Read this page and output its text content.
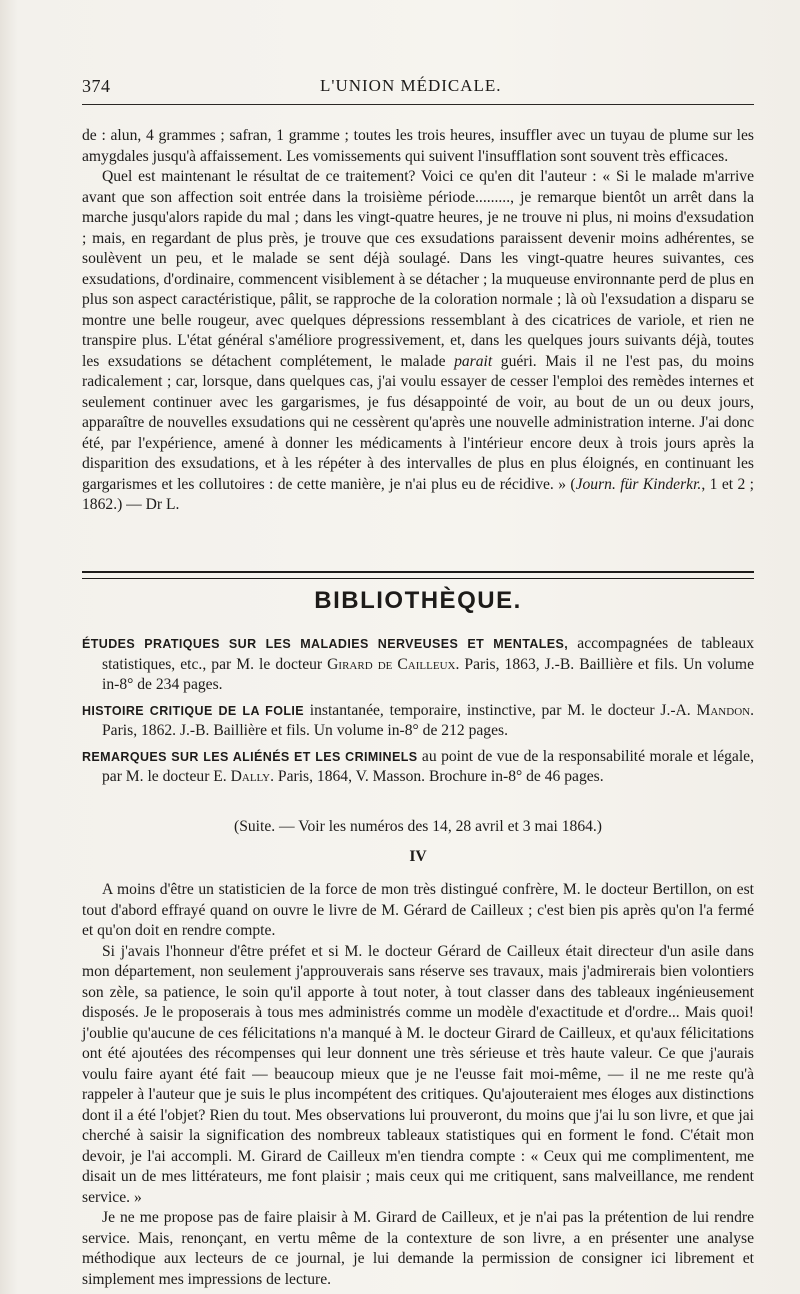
374	L'UNION MÉDICALE.

de : alun, 4 grammes ; safran, 1 gramme ; toutes les trois heures, insuffler avec un tuyau de plume sur les amygdales jusqu'à affaissement. Les vomissements qui suivent l'insufflation sont souvent très efficaces.

Quel est maintenant le résultat de ce traitement? Voici ce qu'en dit l'auteur : « Si le malade m'arrive avant que son affection soit entrée dans la troisième période........., je remarque bientôt un arrêt dans la marche jusqu'alors rapide du mal ; dans les vingt-quatre heures, je ne trouve ni plus, ni moins d'exsudation ; mais, en regardant de plus près, je trouve que ces exsudations paraissent devenir moins adhérentes, se soulèvent un peu, et le malade se sent déjà soulagé. Dans les vingt-quatre heures suivantes, ces exsudations, d'ordinaire, commencent visiblement à se détacher ; la muqueuse environnante perd de plus en plus son aspect caractéristique, pâlit, se rapproche de la coloration normale ; là où l'exsudation a disparu se montre une belle rougeur, avec quelques dépressions ressemblant à des cicatrices de variole, et rien ne transpire plus. L'état général s'améliore progressivement, et, dans les quelques jours suivants déjà, toutes les exsudations se détachent complétement, le malade parait guéri. Mais il ne l'est pas, du moins radicalement ; car, lorsque, dans quelques cas, j'ai voulu essayer de cesser l'emploi des remèdes internes et seulement continuer avec les gargarismes, je fus désappointé de voir, au bout de un ou deux jours, apparaître de nouvelles exsudations qui ne cessèrent qu'après une nouvelle administration interne. J'ai donc été, par l'expérience, amené à donner les médicaments à l'intérieur encore deux à trois jours après la disparition des exsudations, et à les répéter à des intervalles de plus en plus éloignés, en continuant les gargarismes et les collutoires : de cette manière, je n'ai plus eu de récidive. » (Journ. für Kinderkr., 1 et 2 ; 1862.) — Dr L.

BIBLIOTHÈQUE.

ÉTUDES PRATIQUES SUR LES MALADIES NERVEUSES ET MENTALES, accompagnées de tableaux statistiques, etc., par M. le docteur Girard de Cailleux. Paris, 1863, J.-B. Baillière et fils. Un volume in-8° de 234 pages.

HISTOIRE CRITIQUE DE LA FOLIE instantanée, temporaire, instinctive, par M. le docteur J.-A. Mandon. Paris, 1862. J.-B. Baillière et fils. Un volume in-8° de 212 pages.

REMARQUES SUR LES ALIÉNÉS ET LES CRIMINELS au point de vue de la responsabilité morale et légale, par M. le docteur E. Dally. Paris, 1864, V. Masson. Brochure in-8° de 46 pages.

(Suite. — Voir les numéros des 14, 28 avril et 3 mai 1864.)
IV

A moins d'être un statisticien de la force de mon très distingué confrère, M. le docteur Bertillon, on est tout d'abord effrayé quand on ouvre le livre de M. Gérard de Cailleux ; c'est bien pis après qu'on l'a fermé et qu'on doit en rendre compte.

Si j'avais l'honneur d'être préfet et si M. le docteur Gérard de Cailleux était directeur d'un asile dans mon département, non seulement j'approuverais sans réserve ses travaux, mais j'admirerais bien volontiers son zèle, sa patience, le soin qu'il apporte à tout noter, à tout classer dans des tableaux ingénieusement disposés. Je le proposerais à tous mes administrés comme un modèle d'exactitude et d'ordre... Mais quoi! j'oublie qu'aucune de ces félicitations n'a manqué à M. le docteur Girard de Cailleux, et qu'aux félicitations ont été ajoutées des récompenses qui leur donnent une très sérieuse et très haute valeur. Ce que j'aurais voulu faire ayant été fait — beaucoup mieux que je ne l'eusse fait moi-même, — il ne me reste qu'à rappeler à l'auteur que je suis le plus incompétent des critiques. Qu'ajouteraient mes éloges aux distinctions dont il a été l'objet? Rien du tout. Mes observations lui prouveront, du moins que j'ai lu son livre, et que jai cherché à saisir la signification des nombreux tableaux statistiques qui en forment le fond. C'était mon devoir, je l'ai accompli. M. Girard de Cailleux m'en tiendra compte : « Ceux qui me complimentent, me disait un de mes littérateurs, me font plaisir ; mais ceux qui me critiquent, sans malveillance, me rendent service. »

Je ne me propose pas de faire plaisir à M. Girard de Cailleux, et je n'ai pas la prétention de lui rendre service. Mais, renonçant, en vertu même de la contexture de son livre, a en présenter une analyse méthodique aux lecteurs de ce journal, je lui demande la permission de consigner ici librement et simplement mes impressions de lecture.
